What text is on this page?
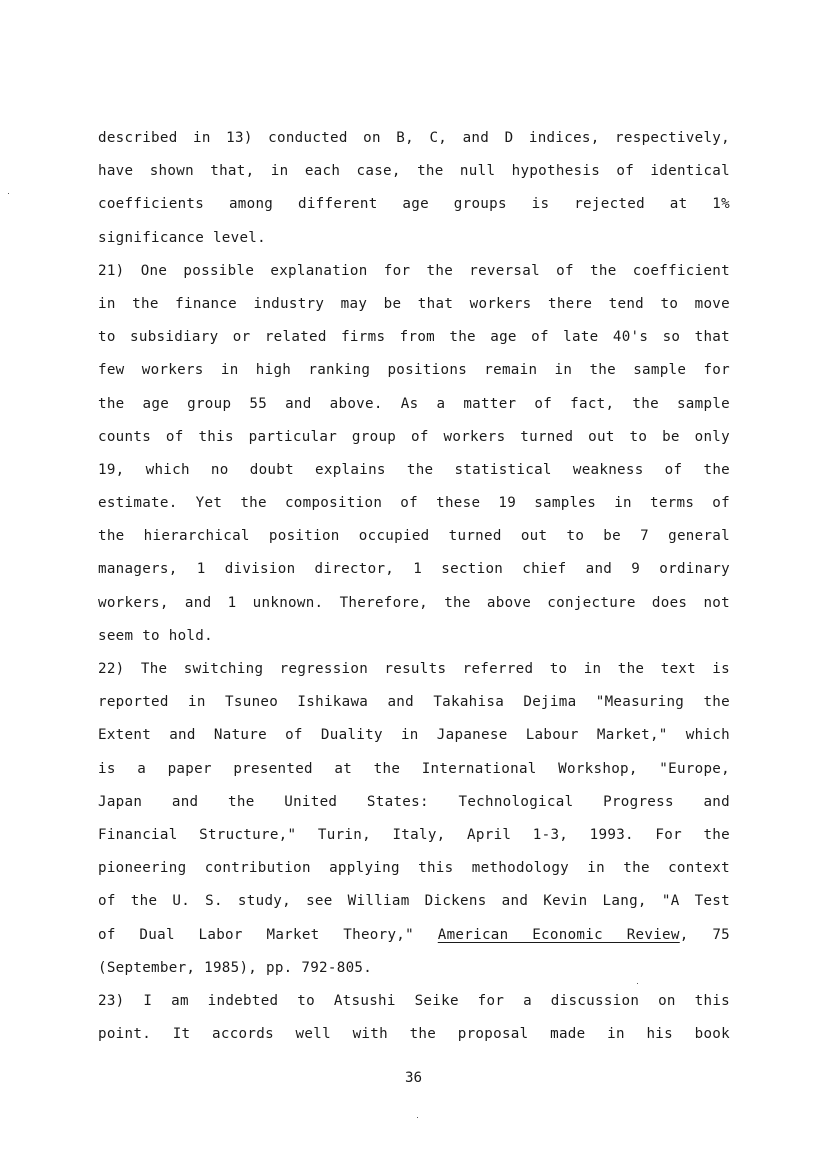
described in 13) conducted on B, C, and D indices, respectively,
have shown that, in each case, the null hypothesis of identical
coefficients among different age groups is rejected at 1%
significance level.
21) One possible explanation for the reversal of the coefficient
in the finance industry may be that workers there tend to move
to subsidiary or related firms from the age of late 40's so that
few workers in high ranking positions remain in the sample for
the age group 55 and above. As a matter of fact, the sample
counts of this particular group of workers turned out to be only
19, which no doubt explains the statistical weakness of the
estimate. Yet the composition of these 19 samples in terms of
the hierarchical position occupied turned out to be 7 general
managers, 1 division director, 1 section chief and 9 ordinary
workers, and 1 unknown. Therefore, the above conjecture does not
seem to hold.
22) The switching regression results referred to in the text is
reported in Tsuneo Ishikawa and Takahisa Dejima "Measuring the
Extent and Nature of Duality in Japanese Labour Market," which
is a paper presented at the International Workshop, "Europe,
Japan and the United States: Technological Progress and
Financial Structure," Turin, Italy, April 1-3, 1993. For the
pioneering contribution applying this methodology in the context
of the U. S. study, see William Dickens and Kevin Lang, "A Test
of Dual Labor Market Theory," American Economic Review, 75
(September, 1985), pp. 792-805.
23) I am indebted to Atsushi Seike for a discussion on this
point. It accords well with the proposal made in his book
36
